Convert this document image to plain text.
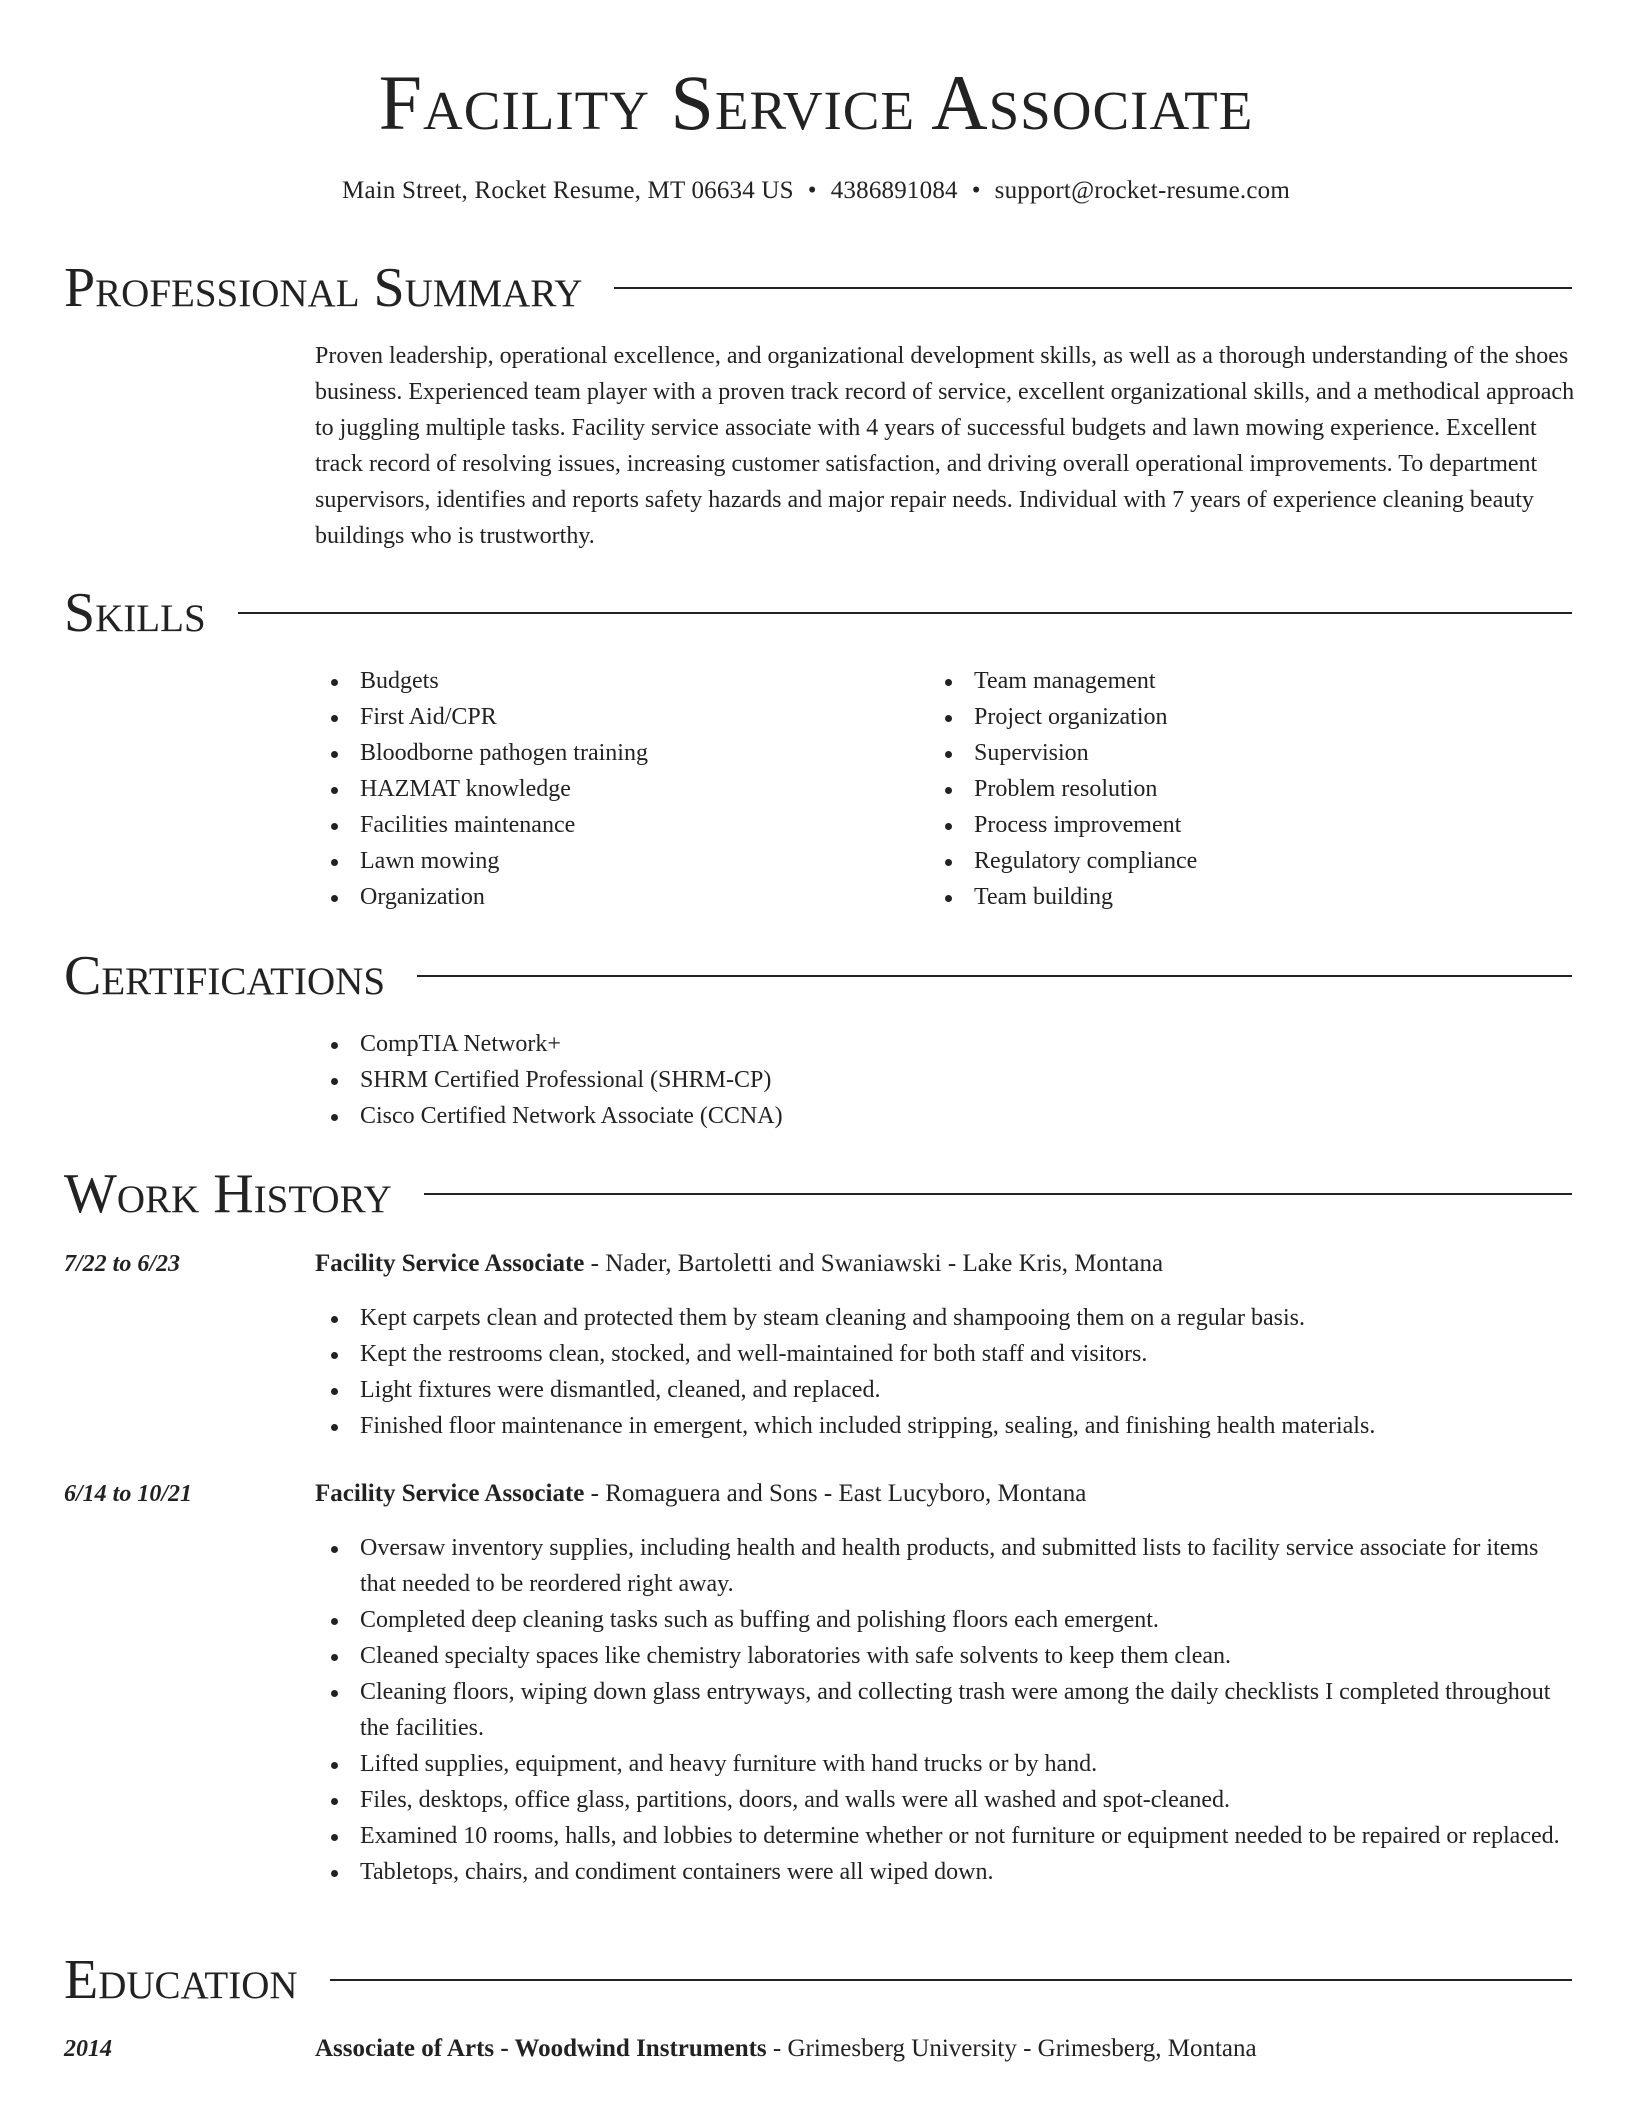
Facility Service Associate
Main Street, Rocket Resume, MT 06634 US • 4386891084 • support@rocket-resume.com
Professional Summary

Proven leadership, operational excellence, and organizational development skills, as well as a thorough understanding of the shoes business. Experienced team player with a proven track record of service, excellent organizational skills, and a methodical approach to juggling multiple tasks. Facility service associate with 4 years of successful budgets and lawn mowing experience. Excellent track record of resolving issues, increasing customer satisfaction, and driving overall operational improvements. To department supervisors, identifies and reports safety hazards and major repair needs. Individual with 7 years of experience cleaning beauty buildings who is trustworthy.

Skills
Budgets
First Aid/CPR
Bloodborne pathogen training
HAZMAT knowledge
Facilities maintenance
Lawn mowing
Organization
Team management
Project organization
Supervision
Problem resolution
Process improvement
Regulatory compliance
Team building
Certifications
CompTIA Network+
SHRM Certified Professional (SHRM-CP)
Cisco Certified Network Associate (CCNA)
Work History
7/22 to 6/23	Facility Service Associate - Nader, Bartoletti and Swaniawski - Lake Kris, Montana
Kept carpets clean and protected them by steam cleaning and shampooing them on a regular basis.
Kept the restrooms clean, stocked, and well-maintained for both staff and visitors.
Light fixtures were dismantled, cleaned, and replaced.
Finished floor maintenance in emergent, which included stripping, sealing, and finishing health materials.
6/14 to 10/21	Facility Service Associate - Romaguera and Sons - East Lucyboro, Montana
Oversaw inventory supplies, including health and health products, and submitted lists to facility service associate for items that needed to be reordered right away.
Completed deep cleaning tasks such as buffing and polishing floors each emergent.
Cleaned specialty spaces like chemistry laboratories with safe solvents to keep them clean.
Cleaning floors, wiping down glass entryways, and collecting trash were among the daily checklists I completed throughout the facilities.
Lifted supplies, equipment, and heavy furniture with hand trucks or by hand.
Files, desktops, office glass, partitions, doors, and walls were all washed and spot-cleaned.
Examined 10 rooms, halls, and lobbies to determine whether or not furniture or equipment needed to be repaired or replaced.
Tabletops, chairs, and condiment containers were all wiped down.
Education
2014	Associate of Arts - Woodwind Instruments - Grimesberg University - Grimesberg, Montana
